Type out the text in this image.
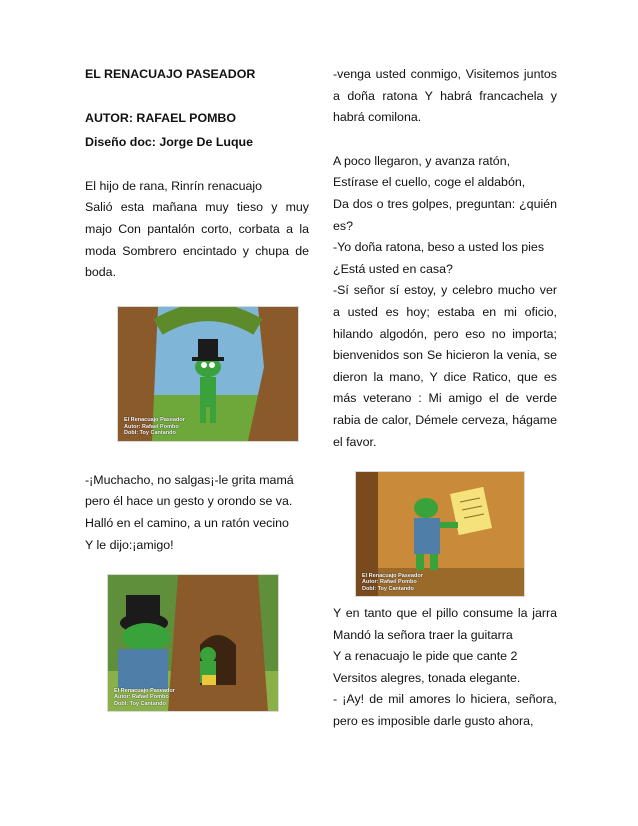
EL RENACUAJO PASEADOR

AUTOR: RAFAEL POMBO

Diseño doc: Jorge De Luque

El hijo de rana, Rinrín renacuajo

Salió esta mañana muy tieso y muy majo Con pantalón corto, corbata a la moda Sombrero encintado y chupa de boda.

El Renacuajo Paseador
Autor: Rafael Pombo
Dobl: Toy Cantando

-¡Muchacho, no salgas¡-le grita mamá

pero él hace un gesto y orondo se va.

Halló en el camino, a un ratón vecino

Y le dijo:¡amigo!

El Renacuajo Paseador
Autor: Rafael Pombo
Dobl: Toy Cantando

-venga usted conmigo, Visitemos juntos a doña ratona Y habrá francachela y habrá comilona.

A poco llegaron, y avanza ratón,

Estírase el cuello, coge el aldabón,

Da dos o tres golpes, preguntan: ¿quién es?

-Yo doña ratona, beso a usted los pies

¿Está usted en casa?

-Sí señor sí estoy, y celebro mucho ver a usted es hoy; estaba en mi oficio, hilando algodón, pero eso no importa; bienvenidos son Se hicieron la venia, se dieron la mano, Y dice Ratico, que es más veterano : Mi amigo el de verde rabia de calor, Démele cerveza, hágame el favor.

El Renacuajo Paseador
Autor: Rafael Pombo
Dobl: Toy Cantando

Y en tanto que el pillo consume la jarra Mandó la señora traer la guitarra

Y a renacuajo le pide que cante 2

Versitos alegres, tonada elegante.

- ¡Ay! de mil amores lo hiciera, señora, pero es imposible darle gusto ahora,
